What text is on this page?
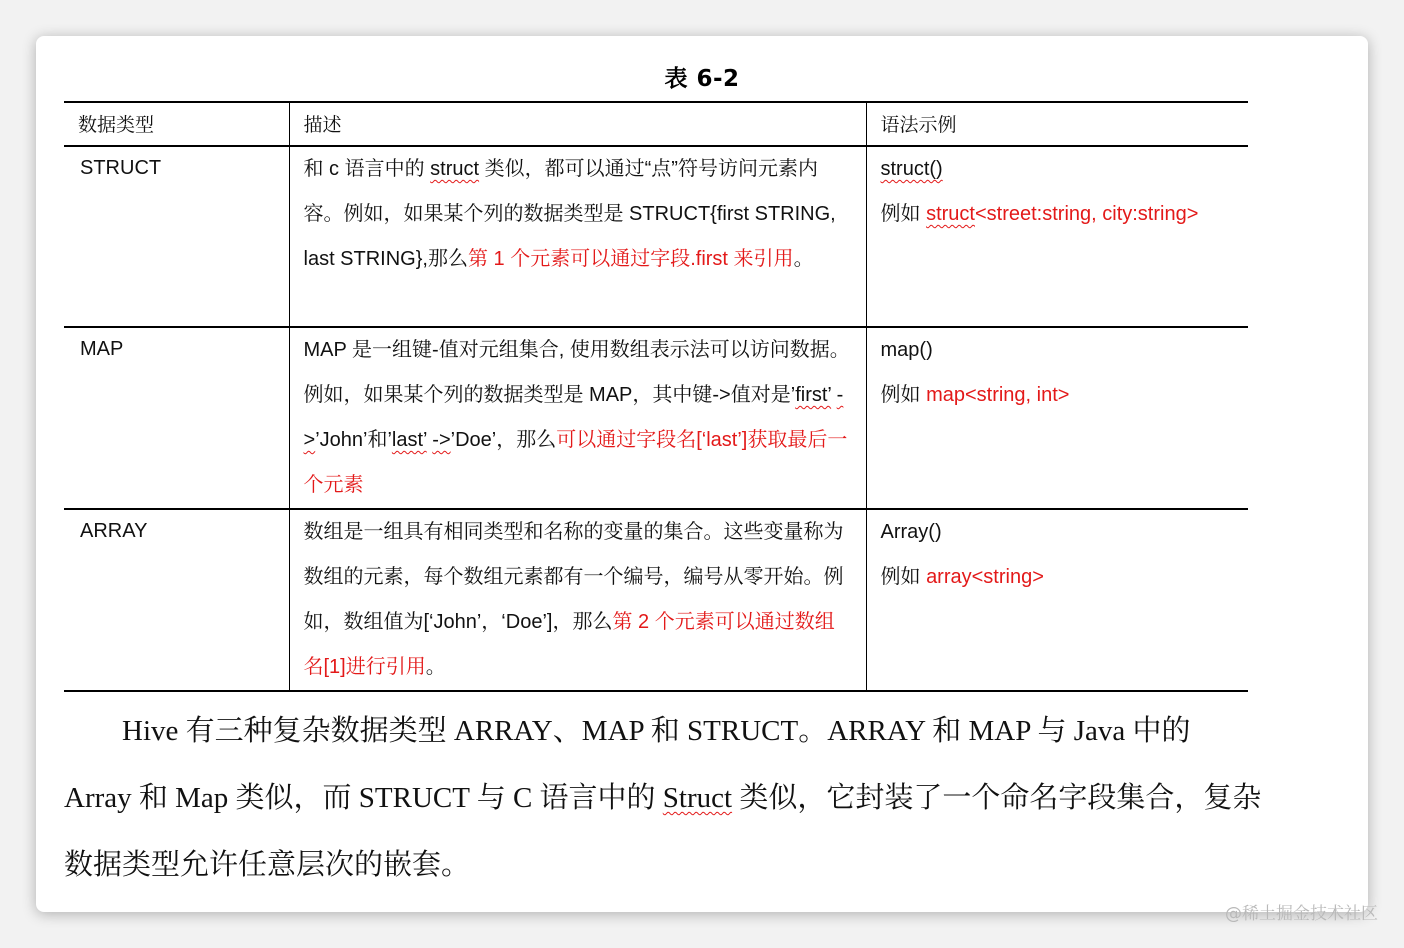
表 6-2
数据类型	描述	语法示例
STRUCT	和 c 语言中的 struct 类似，都可以通过“点”符号访问元素内容。例如，如果某个列的数据类型是 STRUCT{first STRING, last STRING},那么第 1 个元素可以通过字段.first 来引用。	struct()
例如 struct<street:string, city:string>

MAP	MAP 是一组键-值对元组集合, 使用数组表示法可以访问数据。例如，如果某个列的数据类型是 MAP，其中键->值对是’first’ ->’John’和’last’ ->’Doe’，那么可以通过字段名[‘last’]获取最后一个元素	map()
例如 map<string, int>

ARRAY	数组是一组具有相同类型和名称的变量的集合。这些变量称为数组的元素，每个数组元素都有一个编号，编号从零开始。例如，数组值为[‘John’，‘Doe’]，那么第 2 个元素可以通过数组名[1]进行引用。	Array()
例如 array<string>

Hive 有三种复杂数据类型 ARRAY、MAP 和 STRUCT。ARRAY 和 MAP 与 Java 中的 Array 和 Map 类似，而 STRUCT 与 C 语言中的 Struct 类似，它封装了一个命名字段集合，复杂数据类型允许任意层次的嵌套。

@稀土掘金技术社区
